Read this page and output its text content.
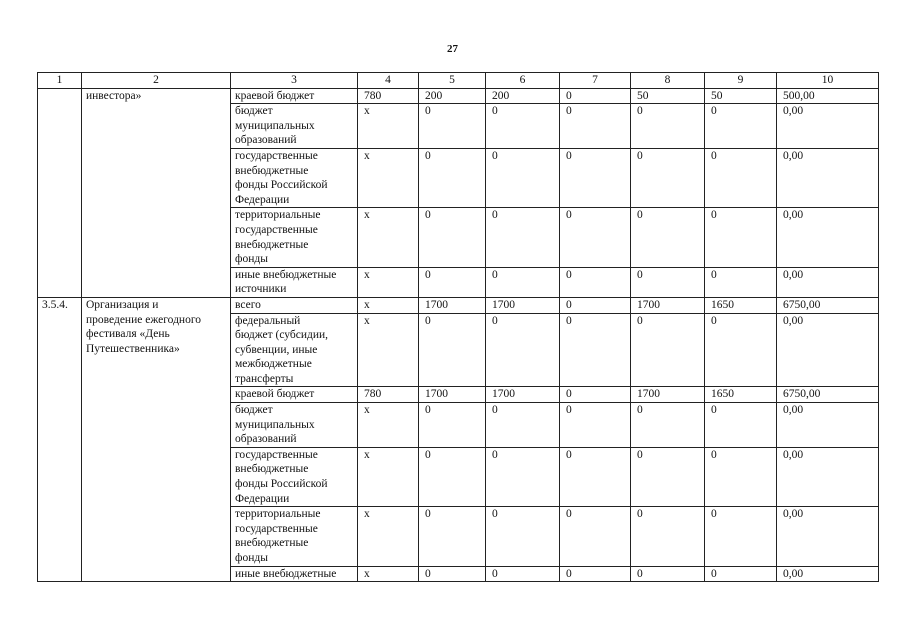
27
1	2	3	4	5	6	7	8	9	10
	инвестора»	краевой бюджет	780	200	200	0	50	50	500,00
		бюджет
муниципальных
образований	x	0	0	0	0	0	0,00
		государственные
внебюджетные
фонды Российской
Федерации	x	0	0	0	0	0	0,00
		территориальные
государственные
внебюджетные
фонды	x	0	0	0	0	0	0,00
		иные внебюджетные
источники	x	0	0	0	0	0	0,00
3.5.4.	Организация и
проведение ежегодного
фестиваля «День
Путешественника»	всего	x	1700	1700	0	1700	1650	6750,00
		федеральный
бюджет (субсидии,
субвенции, иные
межбюджетные
трансферты	x	0	0	0	0	0	0,00
		краевой бюджет	780	1700	1700	0	1700	1650	6750,00
		бюджет
муниципальных
образований	x	0	0	0	0	0	0,00
		государственные
внебюджетные
фонды Российской
Федерации	x	0	0	0	0	0	0,00
		территориальные
государственные
внебюджетные
фонды	x	0	0	0	0	0	0,00
		иные внебюджетные	x	0	0	0	0	0	0,00
